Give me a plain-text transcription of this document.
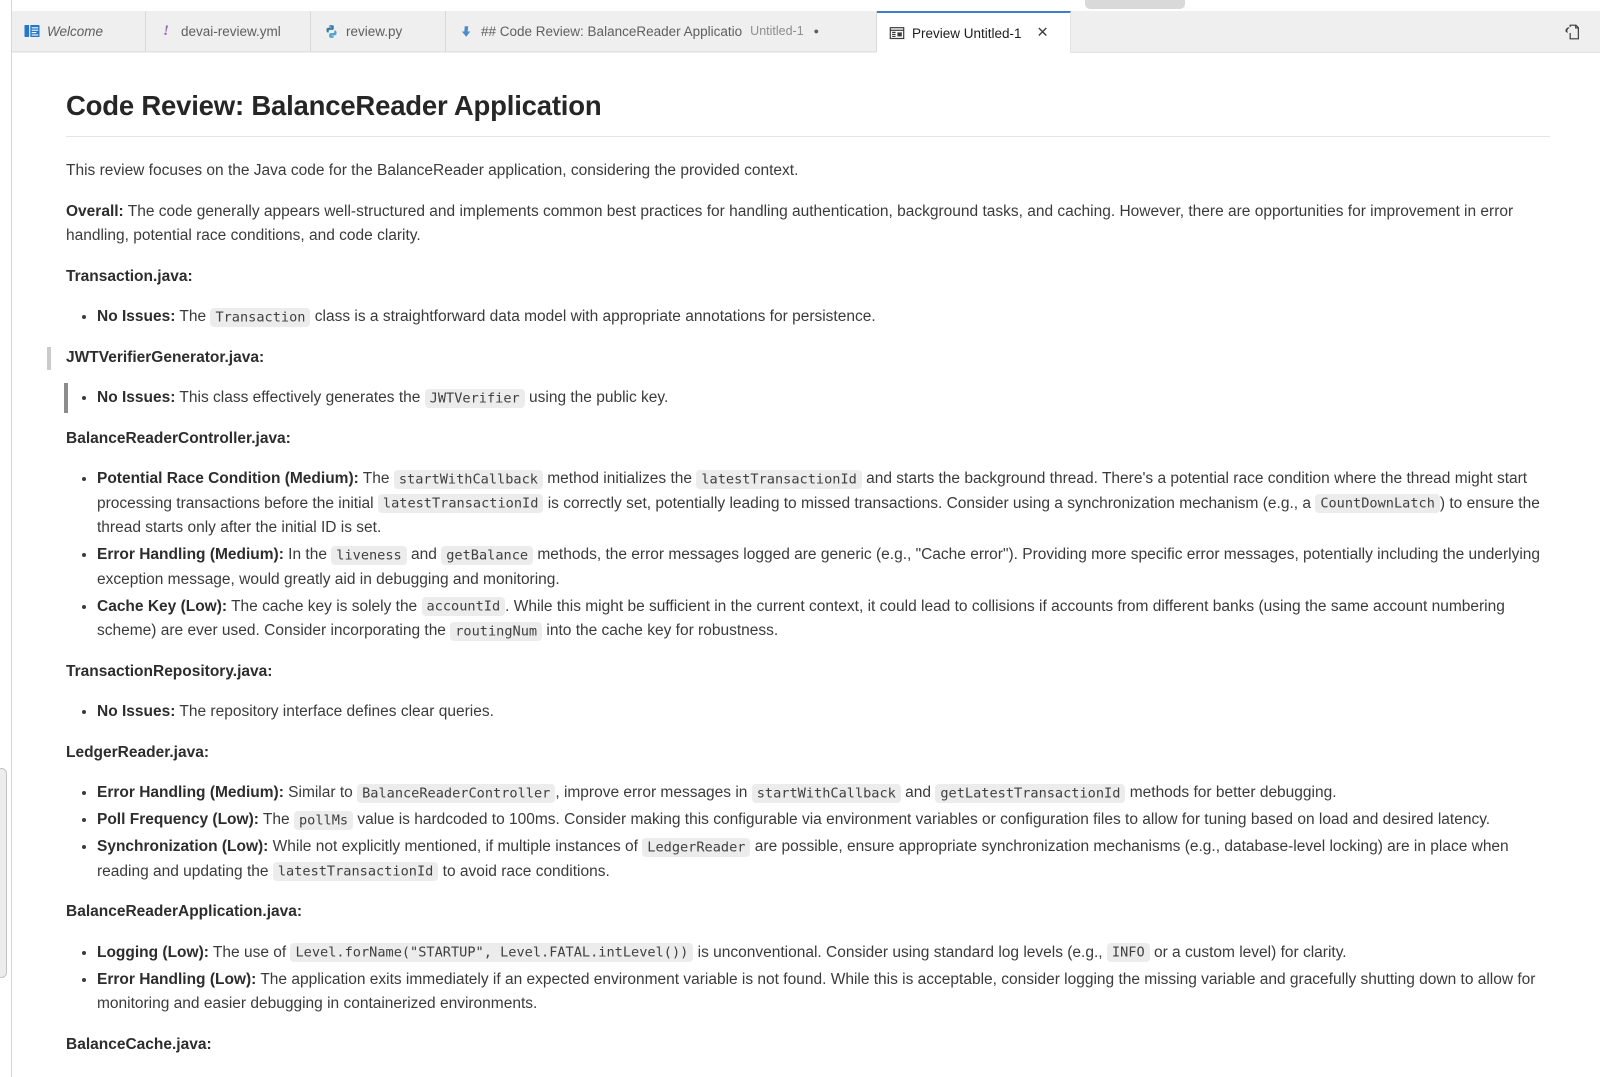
Welcome	! devai-review.yml	review.py	## Code Review: BalanceReader Applicatio Untitled-1 ●	Preview Untitled-1 ✕
Code Review: BalanceReader Application

This review focuses on the Java code for the BalanceReader application, considering the provided context.

Overall: The code generally appears well-structured and implements common best practices for handling authentication, background tasks, and caching. However, there are opportunities for improvement in error handling, potential race conditions, and code clarity.

Transaction.java:

• No Issues: The Transaction class is a straightforward data model with appropriate annotations for persistence.

JWTVerifierGenerator.java:

• No Issues: This class effectively generates the JWTVerifier using the public key.

BalanceReaderController.java:

• Potential Race Condition (Medium): The startWithCallback method initializes the latestTransactionId and starts the background thread. There's a potential race condition where the thread might start processing transactions before the initial latestTransactionId is correctly set, potentially leading to missed transactions. Consider using a synchronization mechanism (e.g., a CountDownLatch ) to ensure the thread starts only after the initial ID is set.
• Error Handling (Medium): In the liveness and getBalance methods, the error messages logged are generic (e.g., "Cache error"). Providing more specific error messages, potentially including the underlying exception message, would greatly aid in debugging and monitoring.
• Cache Key (Low): The cache key is solely the accountId . While this might be sufficient in the current context, it could lead to collisions if accounts from different banks (using the same account numbering scheme) are ever used. Consider incorporating the routingNum into the cache key for robustness.

TransactionRepository.java:

• No Issues: The repository interface defines clear queries.

LedgerReader.java:

• Error Handling (Medium): Similar to BalanceReaderController , improve error messages in startWithCallback and getLatestTransactionId methods for better debugging.
• Poll Frequency (Low): The pollMs value is hardcoded to 100ms. Consider making this configurable via environment variables or configuration files to allow for tuning based on load and desired latency.
• Synchronization (Low): While not explicitly mentioned, if multiple instances of LedgerReader are possible, ensure appropriate synchronization mechanisms (e.g., database-level locking) are in place when reading and updating the latestTransactionId to avoid race conditions.

BalanceReaderApplication.java:

• Logging (Low): The use of Level.forName("STARTUP", Level.FATAL.intLevel()) is unconventional. Consider using standard log levels (e.g., INFO or a custom level) for clarity.
• Error Handling (Low): The application exits immediately if an expected environment variable is not found. While this is acceptable, consider logging the missing variable and gracefully shutting down to allow for monitoring and easier debugging in containerized environments.

BalanceCache.java:
